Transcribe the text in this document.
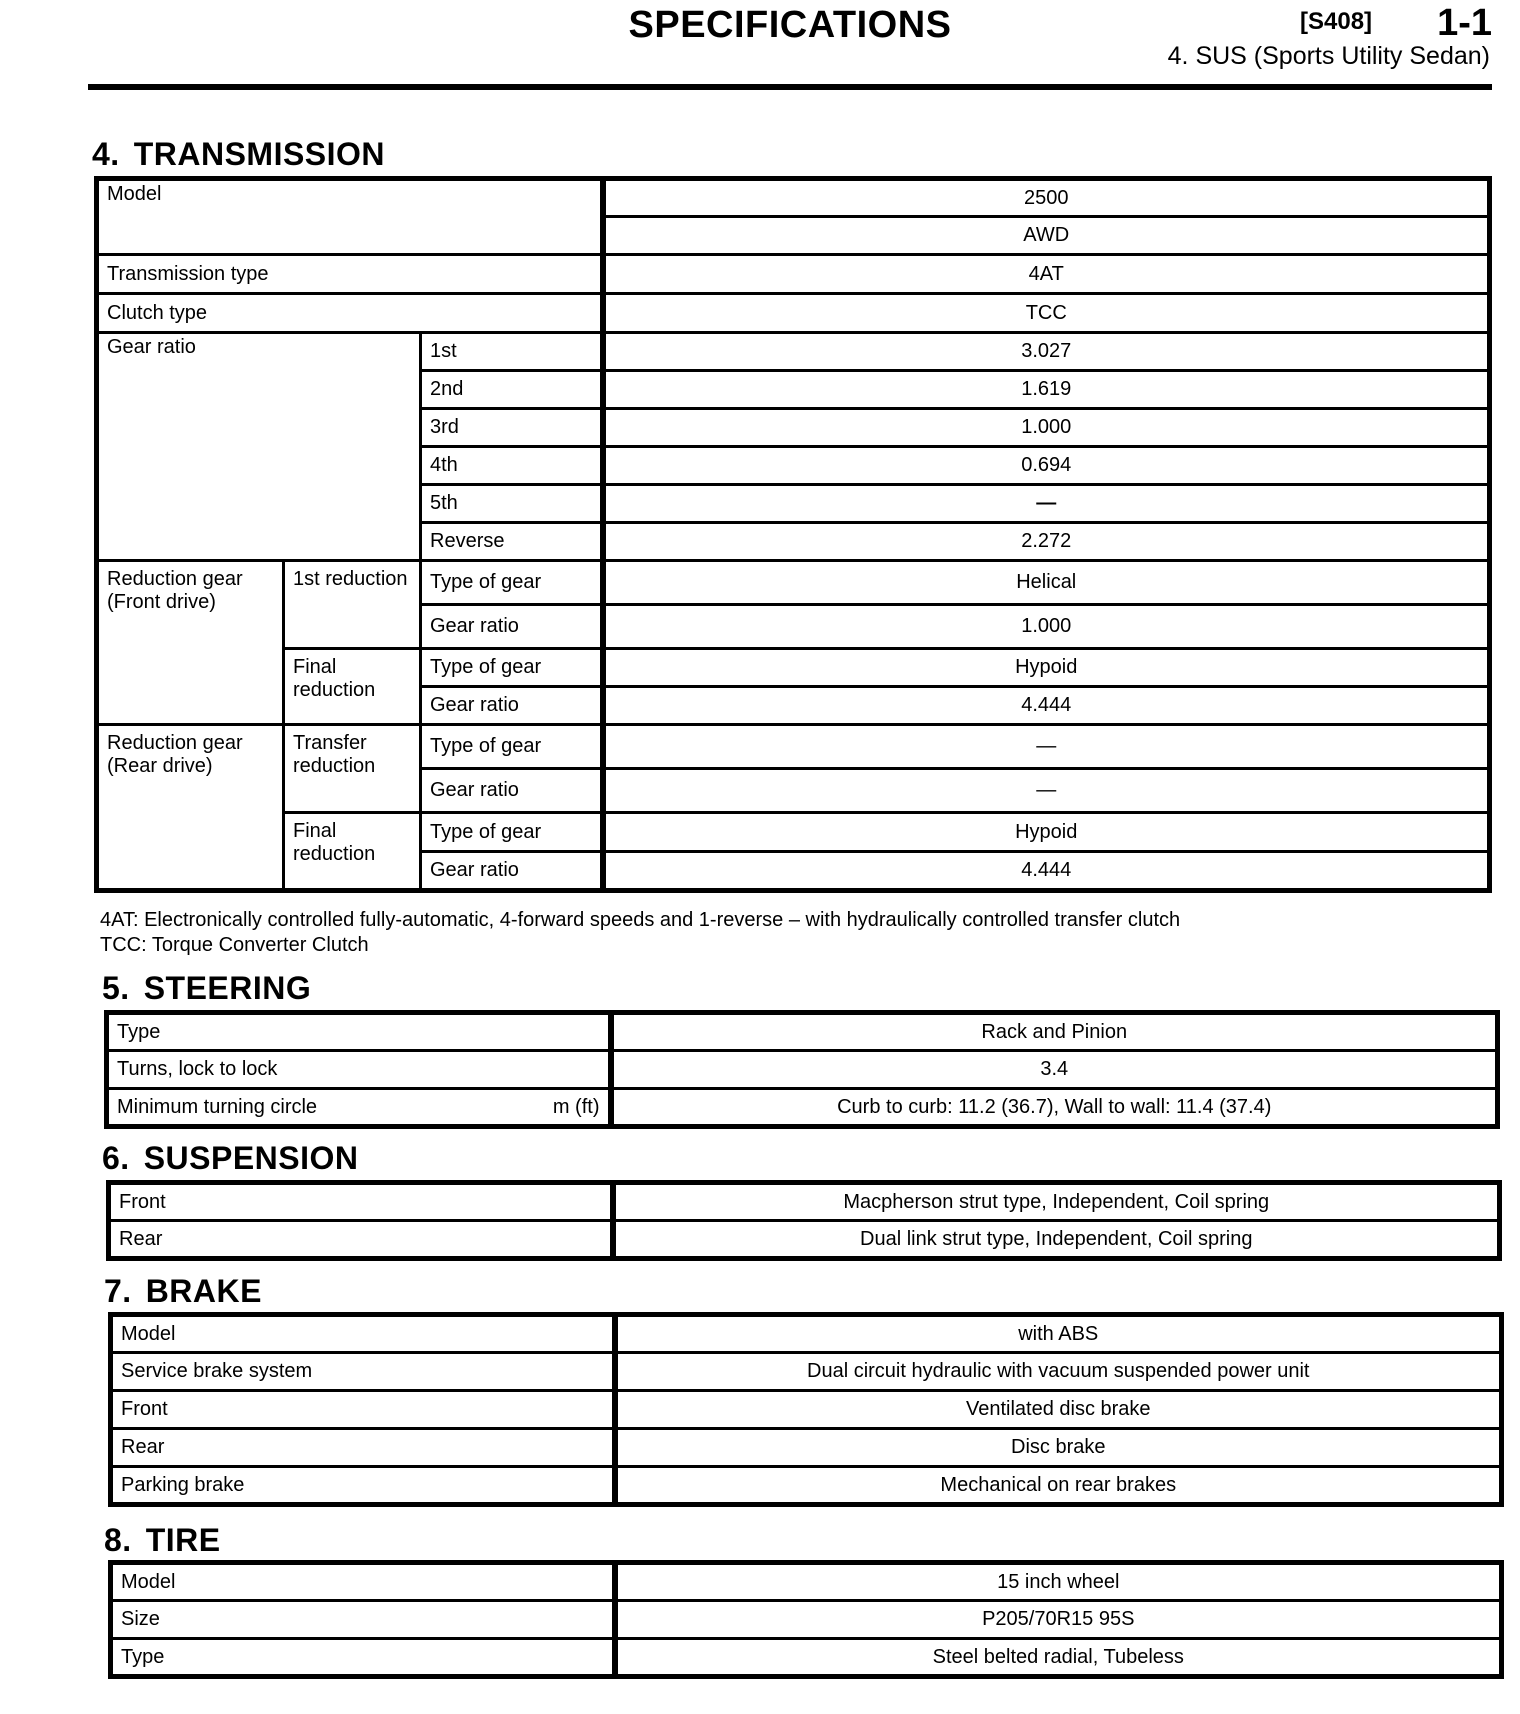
SPECIFICATIONS	[S408] 1-1
4. SUS (Sports Utility Sedan)
4. TRANSMISSION
Model			2500
			AWD
Transmission type			4AT
Clutch type			TCC
Gear ratio		1st	3.027
		2nd	1.619
		3rd	1.000
		4th	0.694
		5th	—
		Reverse	2.272
Reduction gear (Front drive)	1st reduction	Type of gear	Helical
		Gear ratio	1.000
	Final reduction	Type of gear	Hypoid
		Gear ratio	4.444
Reduction gear (Rear drive)	Transfer reduction	Type of gear	—
		Gear ratio	—
	Final reduction	Type of gear	Hypoid
		Gear ratio	4.444
4AT: Electronically controlled fully-automatic, 4-forward speeds and 1-reverse – with hydraulically controlled transfer clutch
TCC: Torque Converter Clutch
5. STEERING
Type	Rack and Pinion
Turns, lock to lock	3.4
Minimum turning circle m (ft)	Curb to curb: 11.2 (36.7), Wall to wall: 11.4 (37.4)
6. SUSPENSION
Front	Macpherson strut type, Independent, Coil spring
Rear	Dual link strut type, Independent, Coil spring
7. BRAKE
Model	with ABS
Service brake system	Dual circuit hydraulic with vacuum suspended power unit
Front	Ventilated disc brake
Rear	Disc brake
Parking brake	Mechanical on rear brakes
8. TIRE
Model	15 inch wheel
Size	P205/70R15 95S
Type	Steel belted radial, Tubeless
